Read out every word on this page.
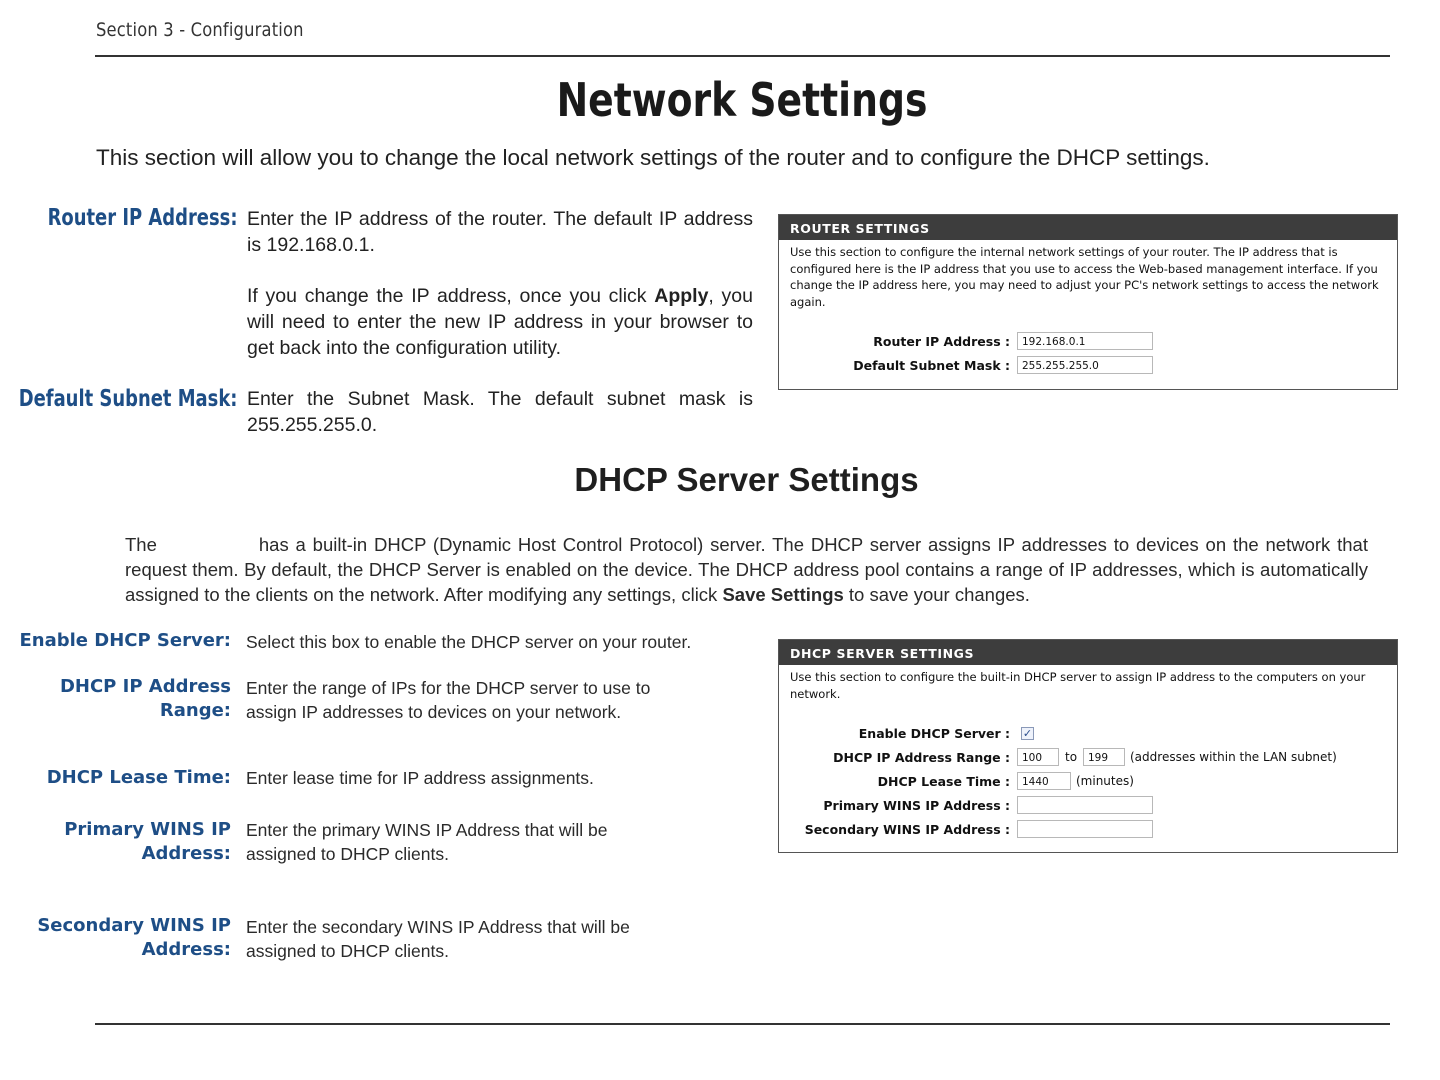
Section 3 - Configuration
Network Settings
This section will allow you to change the local network settings of the router and to configure the DHCP settings.
Router IP Address: Enter the IP address of the router. The default IP address is 192.168.0.1.
If you change the IP address, once you click Apply, you will need to enter the new IP address in your browser to get back into the configuration utility.
Default Subnet Mask: Enter the Subnet Mask. The default subnet mask is 255.255.255.0.
ROUTER SETTINGS
Use this section to configure the internal network settings of your router. The IP address that is configured here is the IP address that you use to access the Web-based management interface. If you change the IP address here, you may need to adjust your PC's network settings to access the network again.
Router IP Address :	192.168.0.1
Default Subnet Mask :	255.255.255.0
DHCP Server Settings
The	has a built-in DHCP (Dynamic Host Control Protocol) server. The DHCP server assigns IP addresses to devices on the network that request them. By default, the DHCP Server is enabled on the device. The DHCP address pool contains a range of IP addresses, which is automatically assigned to the clients on the network. After modifying any settings, click Save Settings to save your changes.
Enable DHCP Server: Select this box to enable the DHCP server on your router.
DHCP IP Address
Range:
Enter the range of IPs for the DHCP server to use to assign IP addresses to devices on your network.
DHCP Lease Time: Enter lease time for IP address assignments.
Primary WINS IP
Address:
Enter the primary WINS IP Address that will be assigned to DHCP clients.
Secondary WINS IP
Address:
Enter the secondary WINS IP Address that will be assigned to DHCP clients.
DHCP SERVER SETTINGS
Use this section to configure the built-in DHCP server to assign IP address to the computers on your network.
Enable DHCP Server : ✓
DHCP IP Address Range :	100	to	199	(addresses within the LAN subnet)
DHCP Lease Time :	1440	(minutes)
Primary WINS IP Address :
Secondary WINS IP Address :
